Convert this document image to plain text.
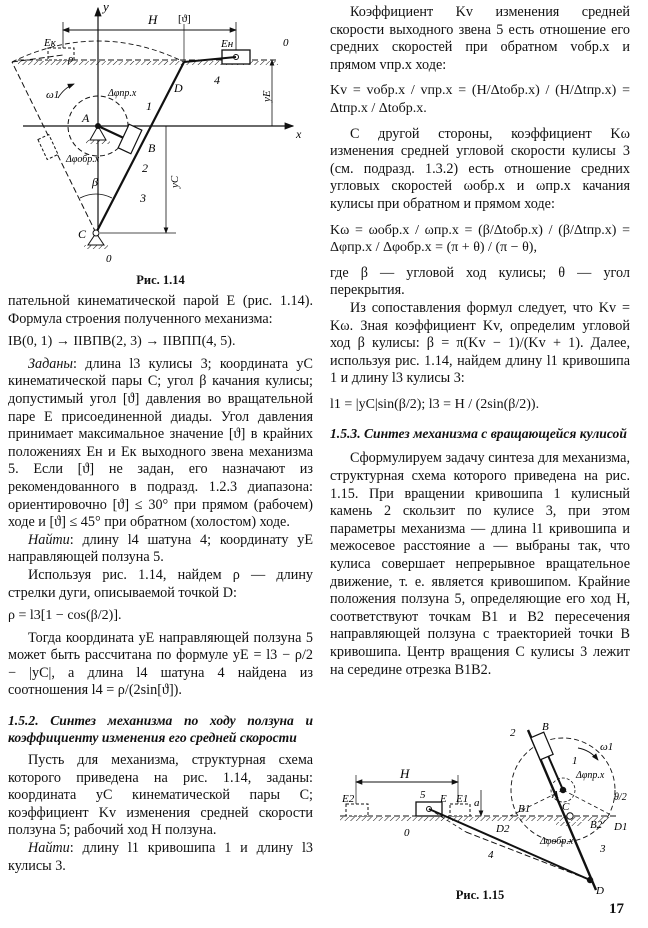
y
H [ϑ]
Eк	Eн
ρ
0
D
4
ω1	Δφпр.х
1
A
x
B
Δφобр.х
2
yE
yC
β
3
C
0
Рис. 1.14

пательной кинематической парой E (рис. 1.14). Формула строения полученного механизма:

IВ(0, 1) → IIВПВ(2, 3) → IIВПП(4, 5).

Заданы: длина l3 кулисы 3; координата yC кинематической пары C; угол β качания кулисы; допустимый угол [ϑ] давления во вращательной паре E присоединенной диады. Угол давления принимает максимальное значение [ϑ] в крайних положениях Eн и Eк выходного звена механизма 5. Если [ϑ] не задан, его назначают из рекомендованного в подразд. 1.2.3 диапазона: ориентировочно [ϑ] ≤ 30° при прямом (рабочем) ходе и [ϑ] ≤ 45° при обратном (холостом) ходе.

Найти: длину l4 шатуна 4; координату yE направляющей ползуна 5.

Используя рис. 1.14, найдем ρ — длину стрелки дуги, описываемой точкой D:

ρ = l3[1 − cos(β/2)].

Тогда координата yE направляющей ползуна 5 может быть рассчитана по формуле yE = l3 − ρ/2 − |yC|, а длина l4 шатуна 4 найдена из соотношения l4 = ρ/(2sin[ϑ]).

1.5.2. Синтез механизма по ходу ползуна и коэффициенту изменения его средней скорости

Пусть для механизма, структурная схема которого приведена на рис. 1.14, заданы: координата yC кинематической пары C; коэффициент Kv изменения средней скорости ползуна 5; рабочий ход H ползуна.

Найти: длину l1 кривошипа 1 и длину l3 кулисы 3.

Коэффициент Kv изменения средней скорости выходного звена 5 есть отношение его средних скоростей при обратном vобр.х и прямом vпр.х ходе:

Kv = vобр.х / vпр.х = (H/Δtобр.х) / (H/Δtпр.х) = Δtпр.х / Δtобр.х.

С другой стороны, коэффициент Kω изменения средней угловой скорости кулисы 3 (см. подразд. 1.3.2) есть отношение средних угловых скоростей ωобр.х и ωпр.х качания кулисы при обратном и прямом ходе:

Kω = ωобр.х / ωпр.х = (β/Δtобр.х) / (β/Δtпр.х) = Δφпр.х / Δφобр.х = (π + θ) / (π − θ),

где β — угловой ход кулисы; θ — угол перекрытия.

Из сопоставления формул следует, что Kv = Kω. Зная коэффициент Kv, определим угловой ход β кулисы: β = π(Kv − 1)/(Kv + 1). Далее, используя рис. 1.14, найдем длину l1 кривошипа 1 и длину l3 кулисы 3:

l1 = |yC|sin(β/2); l3 = H / (2sin(β/2)).

1.5.3. Синтез механизма с вращающейся кулисой

Сформулируем задачу синтеза для механизма, структурная схема которого приведена на рис. 1.15. При вращении кривошипа 1 кулисный камень 2 скользит по кулисе 3, при этом параметры механизма — длина l1 кривошипа и межосевое расстояние a — выбраны так, что кулиса совершает непрерывное вращательное движение, т. е. является кривошипом. Крайние положения ползуна 5, определяющие его ход H, соответствуют точкам B1 и B2 пересечения направляющей ползуна с траекторией точки B кривошипа. Центр вращения C кулисы 3 лежит на середине отрезка B1B2.

H
E2	5 E E1 a
0	D2
4
D
2 B
ω1
1
Δφпр.х
A
B1	C
B2 D1
θ/2
Δφобр.х
3
Рис. 1.15
17
